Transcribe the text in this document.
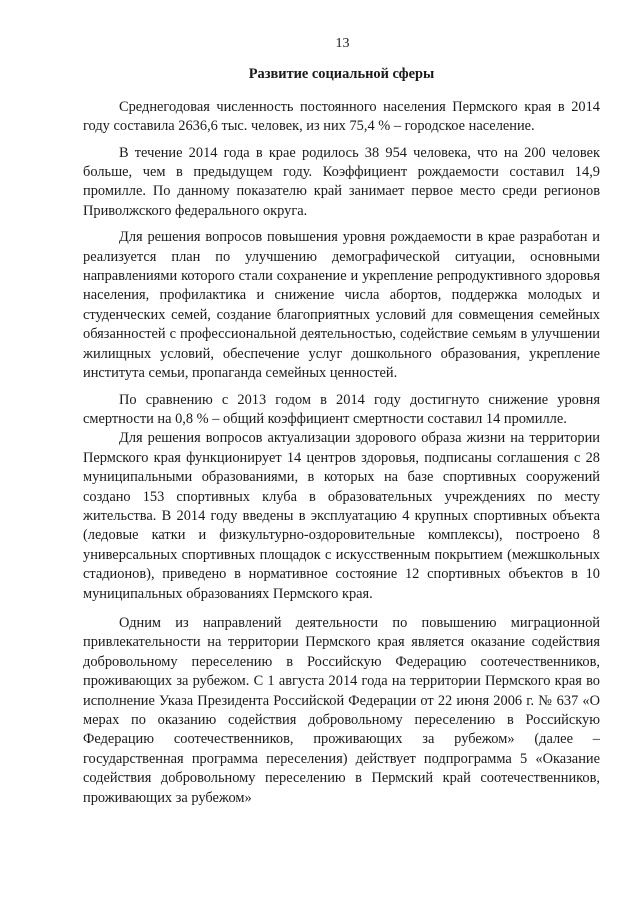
13
Развитие социальной сферы

Среднегодовая численность постоянного населения Пермского края в 2014 году составила 2636,6 тыс. человек, из них 75,4 % – городское население.

В течение 2014 года в крае родилось 38 954 человека, что на 200 человек больше, чем в предыдущем году. Коэффициент рождаемости составил 14,9 промилле. По данному показателю край занимает первое место среди регионов Приволжского федерального округа.

Для решения вопросов повышения уровня рождаемости в крае разработан и реализуется план по улучшению демографической ситуации, основными направлениями которого стали сохранение и укрепление репродуктивного здоровья населения, профилактика и снижение числа абортов, поддержка молодых и студенческих семей, создание благоприятных условий для совмещения семейных обязанностей с профессиональной деятельностью, содействие семьям в улучшении жилищных условий, обеспечение услуг дошкольного образования, укрепление института семьи, пропаганда семейных ценностей.

По сравнению с 2013 годом в 2014 году достигнуто снижение уровня смертности на 0,8 % – общий коэффициент смертности составил 14 промилле.

Для решения вопросов актуализации здорового образа жизни на территории Пермского края функционирует 14 центров здоровья, подписаны соглашения с 28 муниципальными образованиями, в которых на базе спортивных сооружений создано 153 спортивных клуба в образовательных учреждениях по месту жительства. В 2014 году введены в эксплуатацию 4 крупных спортивных объекта (ледовые катки и физкультурно-оздоровительные комплексы), построено 8 универсальных спортивных площадок с искусственным покрытием (межшкольных стадионов), приведено в нормативное состояние 12 спортивных объектов в 10 муниципальных образованиях Пермского края.

Одним из направлений деятельности по повышению миграционной привлекательности на территории Пермского края является оказание содействия добровольному переселению в Российскую Федерацию соотечественников, проживающих за рубежом. С 1 августа 2014 года на территории Пермского края во исполнение Указа Президента Российской Федерации от 22 июня 2006 г. № 637 «О мерах по оказанию содействия добровольному переселению в Российскую Федерацию соотечественников, проживающих за рубежом» (далее – государственная программа переселения) действует подпрограмма 5 «Оказание содействия добровольному переселению в Пермский край соотечественников, проживающих за рубежом»
